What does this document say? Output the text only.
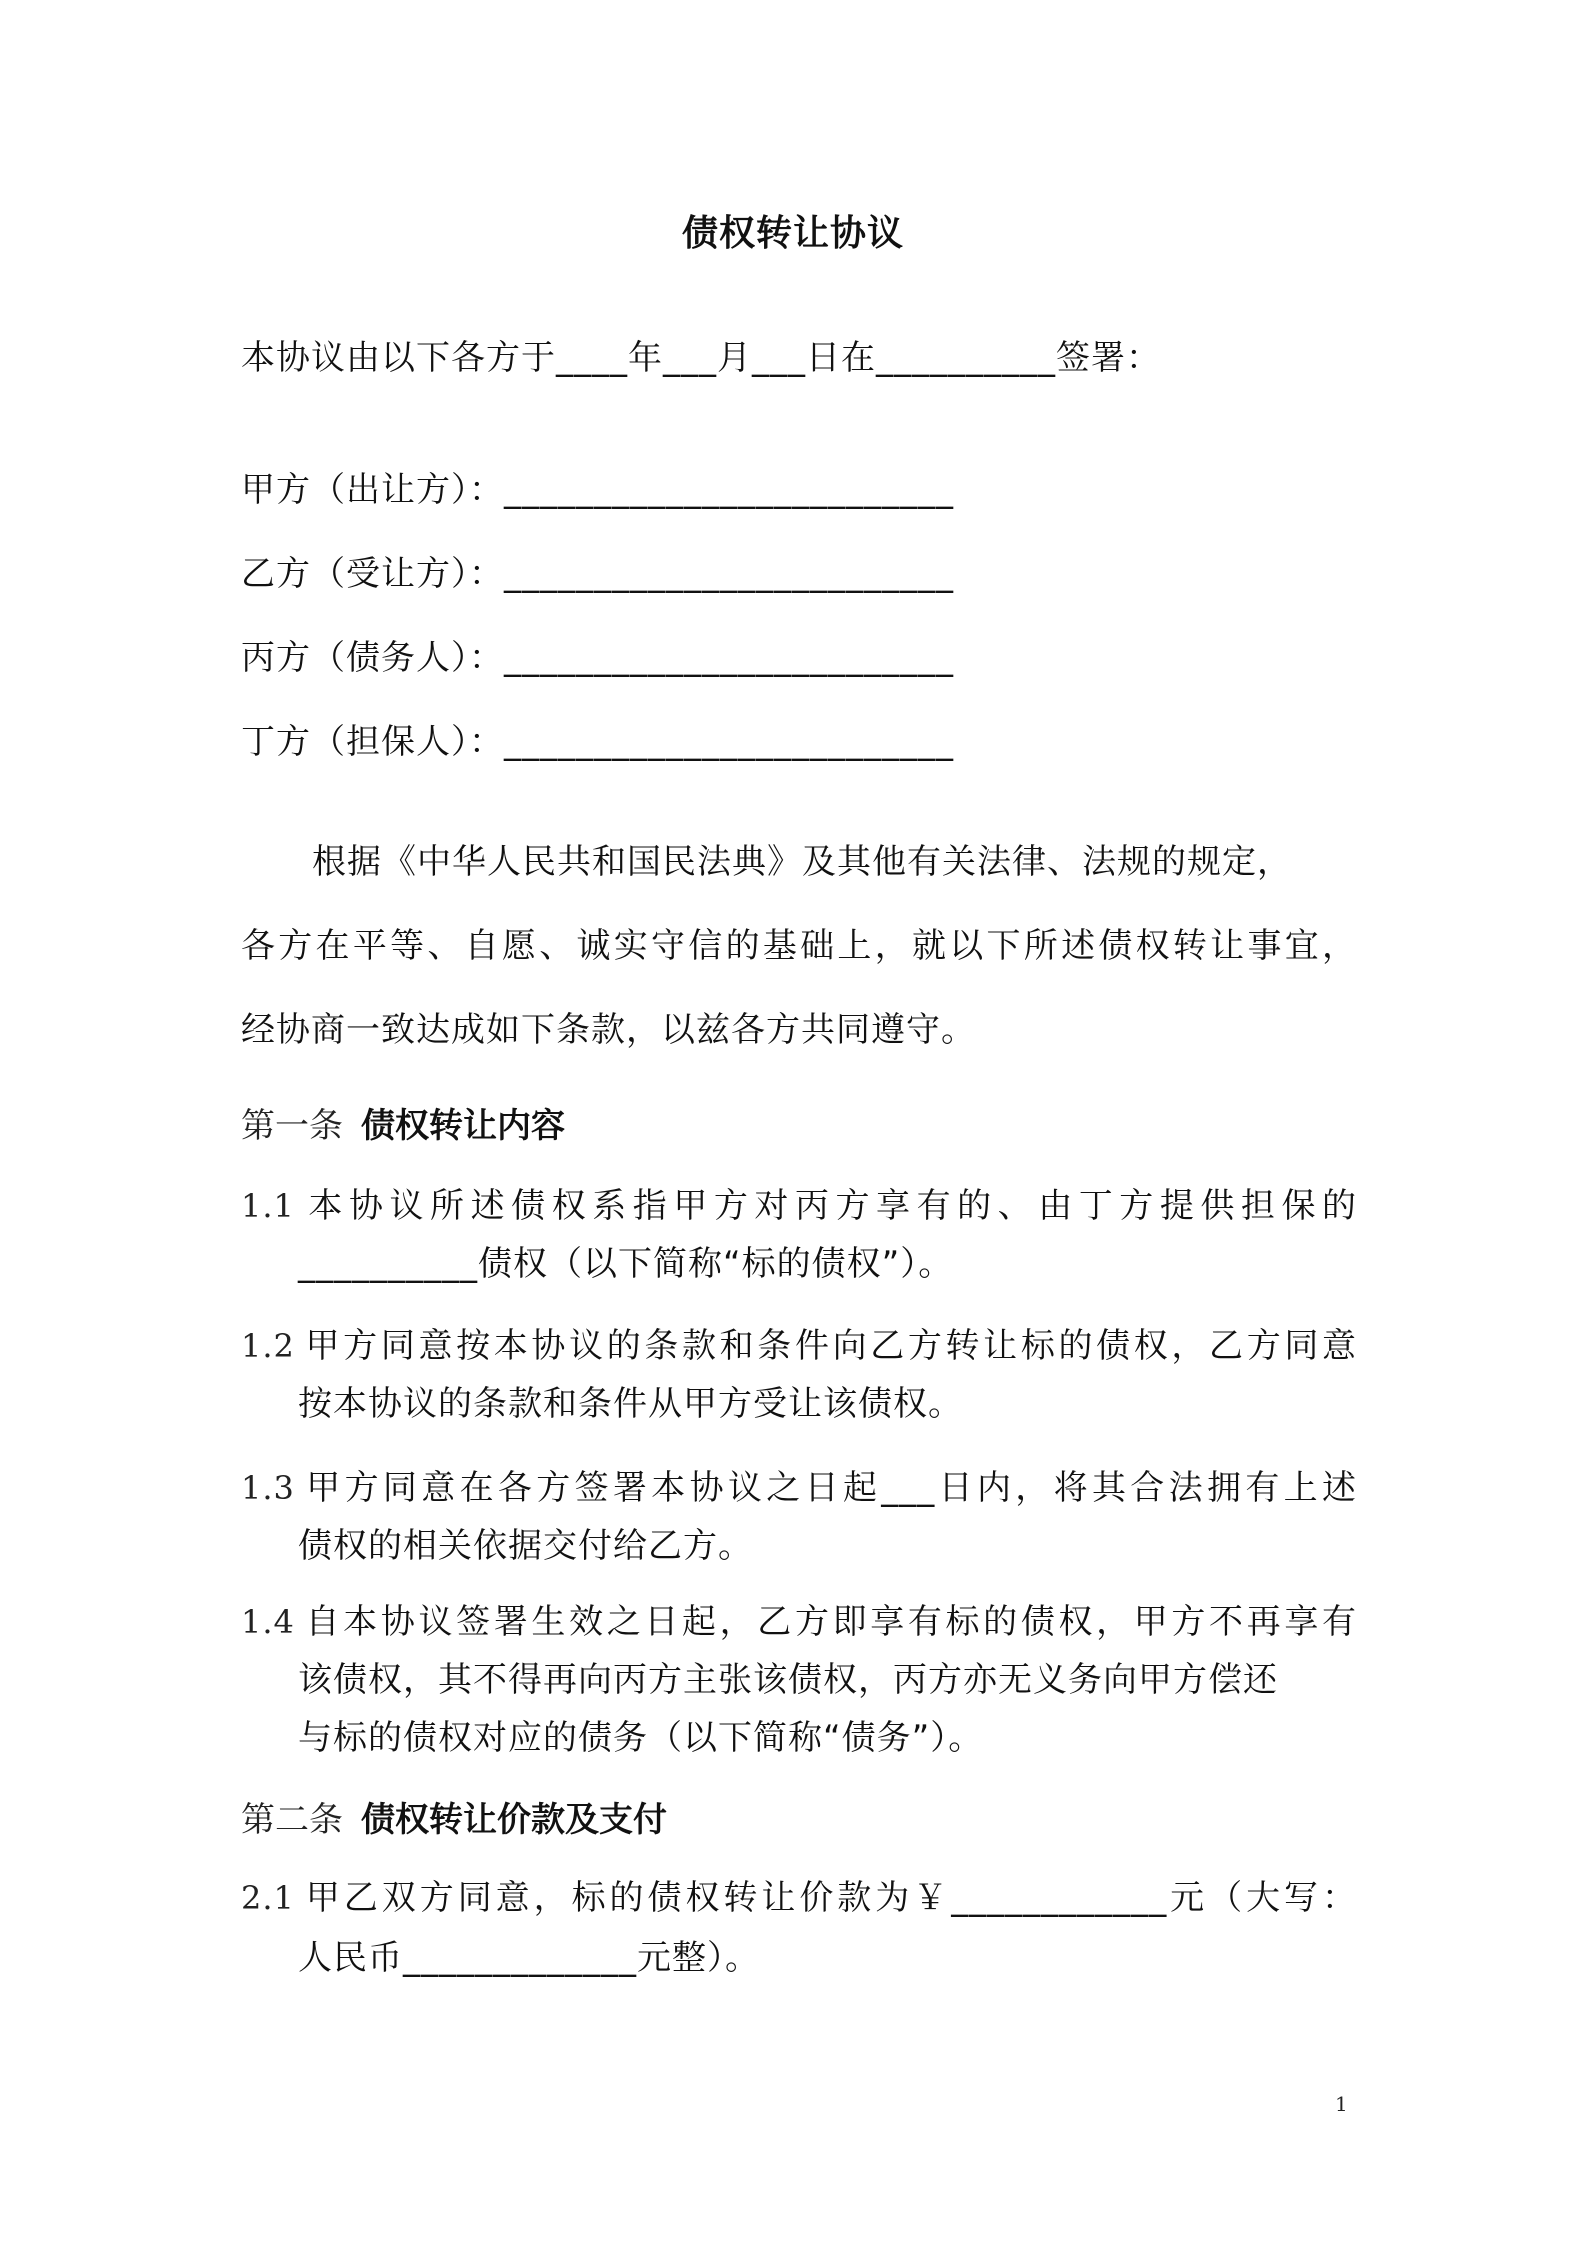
债权转让协议
本协议由以下各方于____年___月___日在__________签署：
甲方（出让方）：_________________________
乙方（受让方）：_________________________
丙方（债务人）：_________________________
丁方（担保人）：_________________________
根据《中华人民共和国民法典》及其他有关法律、法规的规定，
各方在平等、自愿、诚实守信的基础上，就以下所述债权转让事宜，
经协商一致达成如下条款，以兹各方共同遵守。
第一条 债权转让内容
1.1 本协议所述债权系指甲方对丙方享有的、由丁方提供担保的
__________债权（以下简称“标的债权”）。
1.2 甲方同意按本协议的条款和条件向乙方转让标的债权，乙方同意
按本协议的条款和条件从甲方受让该债权。
1.3 甲方同意在各方签署本协议之日起___日内，将其合法拥有上述
债权的相关依据交付给乙方。
1.4 自本协议签署生效之日起，乙方即享有标的债权，甲方不再享有
该债权，其不得再向丙方主张该债权，丙方亦无义务向甲方偿还
与标的债权对应的债务（以下简称“债务”）。
第二条 债权转让价款及支付
2.1 甲乙双方同意，标的债权转让价款为￥____________元（大写：
人民币_____________元整）。
1
